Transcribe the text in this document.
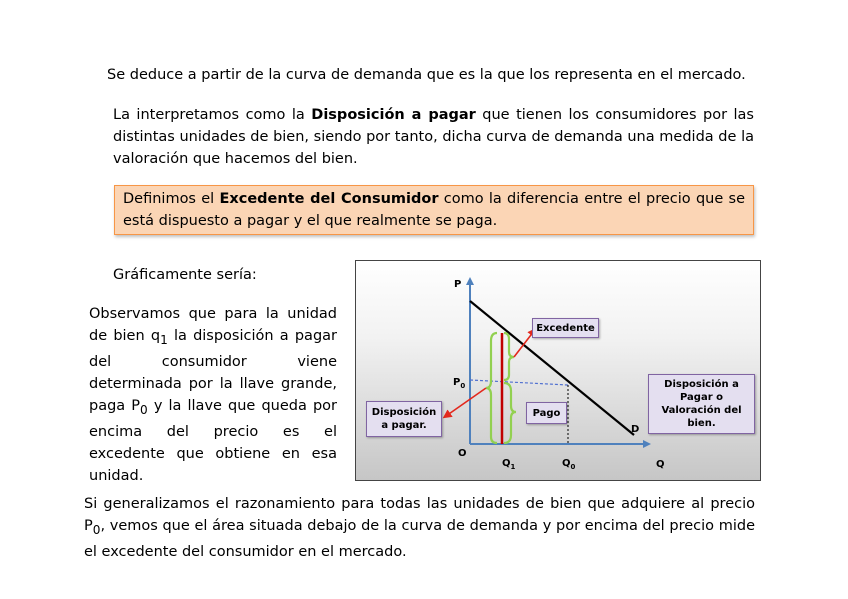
Se deduce a partir de la curva de demanda que es la que los representa en el mercado.

La interpretamos como la Disposición a pagar que tienen los consumidores por las distintas unidades de bien, siendo por tanto, dicha curva de demanda una medida de la valoración que hacemos del bien.

Definimos el Excedente del Consumidor como la diferencia entre el precio que se está dispuesto a pagar y el que realmente se paga.

Gráficamente sería:

Observamos que para la unidad de bien $q_1$ la disposición a pagar del consumidor viene determinada por la llave grande, paga $P_0$ y la llave que queda por encima del precio es el excedente que obtiene en esa unidad.

P
Q
O
$P_0$
$Q_1$	$Q_0$
D
Excedente
Disposición a pagar.
Pago
Disposición a Pagar o Valoración del bien.

Si generalizamos el razonamiento para todas las unidades de bien que adquiere al precio $P_0$, vemos que el área situada debajo de la curva de demanda y por encima del precio mide el excedente del consumidor en el mercado.
